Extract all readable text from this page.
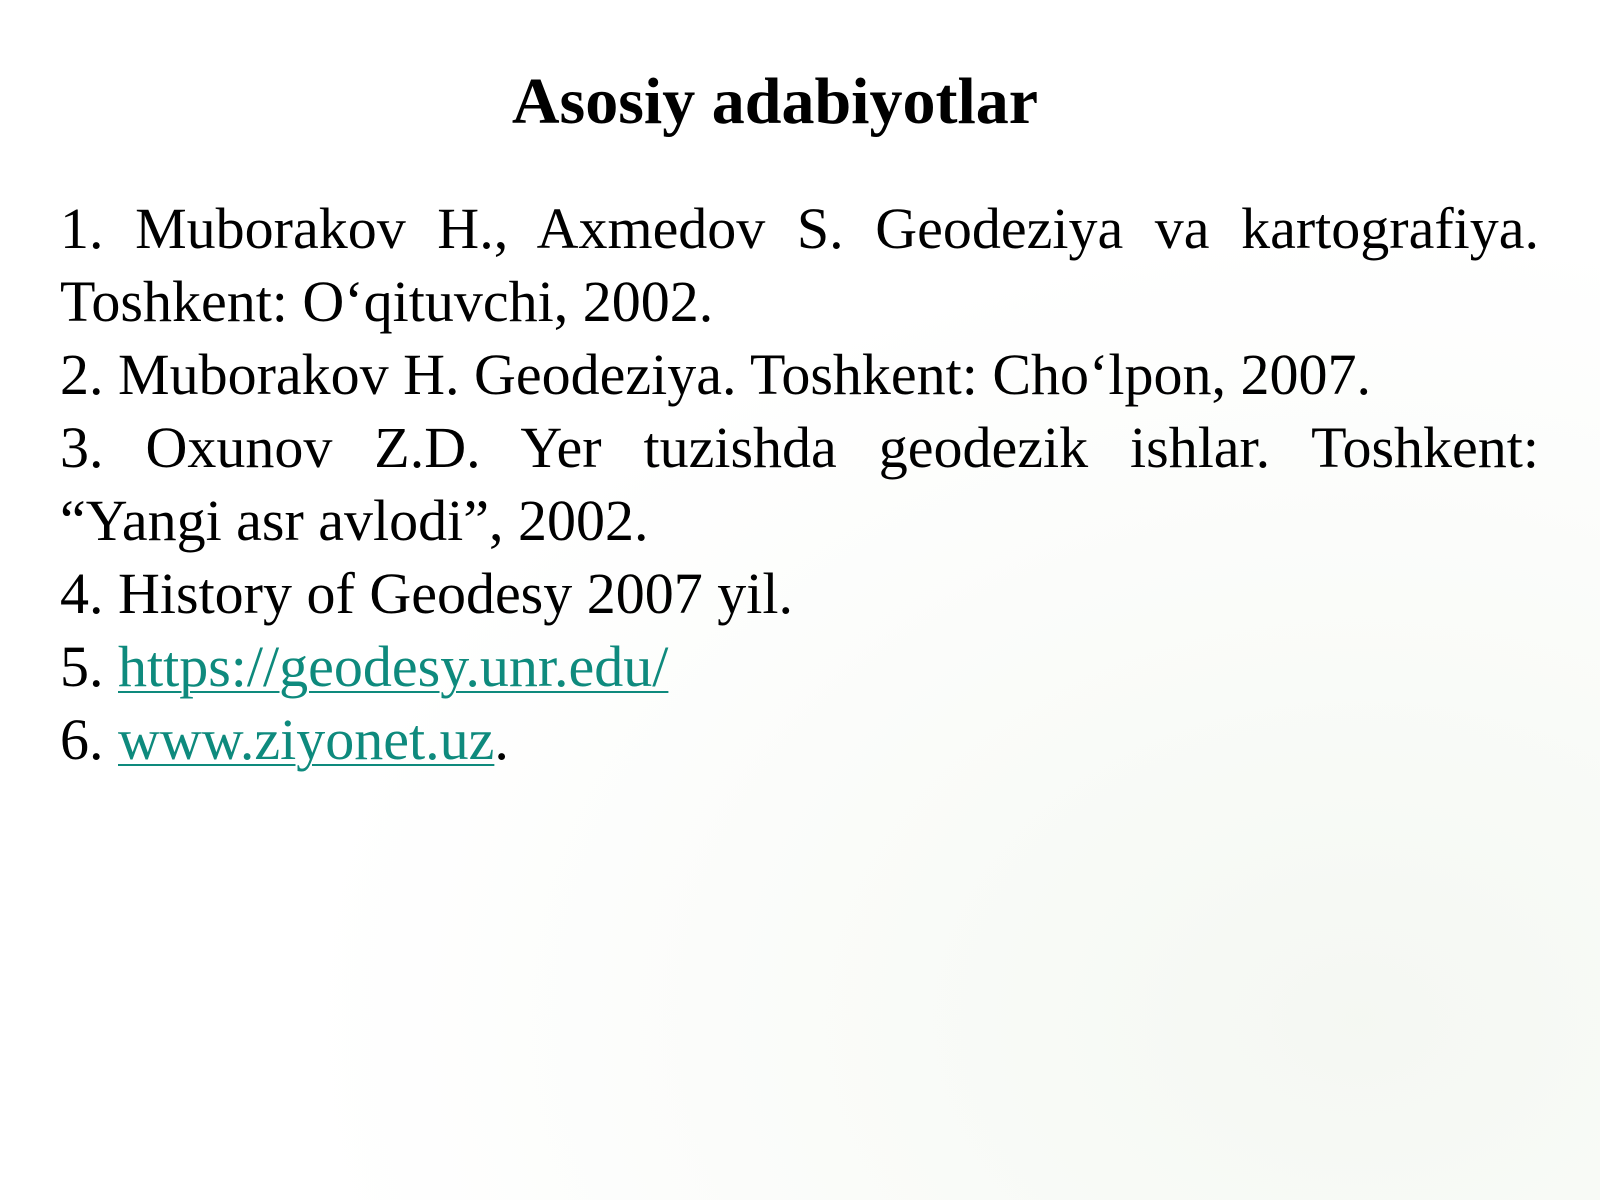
Asosiy adabiyotlar

1. Muborakov H., Axmedov S. Geodeziya va kartografiya.

Toshkent: O‘qituvchi, 2002.

2. Muborakov H. Geodeziya. Toshkent: Cho‘lpon, 2007.

3. Oxunov Z.D. Yer tuzishda geodezik ishlar. Toshkent:

“Yangi asr avlodi”, 2002.

4. History of Geodesy 2007 yil.

5. https://geodesy.unr.edu/

6. www.ziyonet.uz.
